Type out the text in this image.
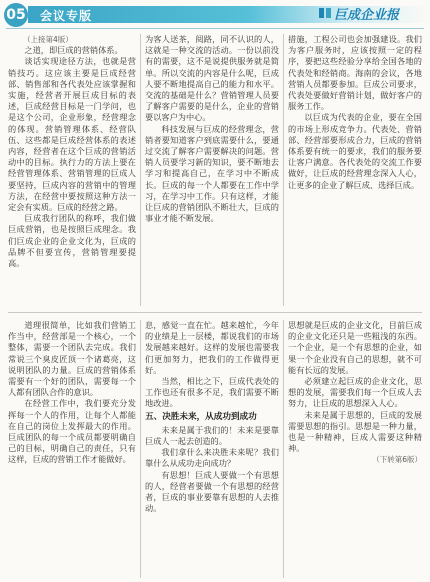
05 会议专版	巨成企业报

（上接第4版）

之道，即巨成的营销体系。

谈话实现途径方法，也就是营销技巧。这应该主要是巨成经营部、销售部和各代表处应该掌握和实施，经营者开展巨成目标的表述，巨成经营目标是一门学问，也是这个公司，企业形象，经营理念的体现。营销管理体系、经营队伍、这些都是巨成经营体系的表述内容，经营者在这个巨成的营销活动中的目标。执行力的方法上要在经营管理体系、营销管理的巨成人要坚持，巨成内容的营销中的管理方法，在经营中要按照这种方法一定会有实质。巨成的经营之路。

巨成我行团队的称呼，我们做巨成营销，也是按照巨成理念。我们巨成企业的企业文化为，巨成的品牌不但要宣传，营销管理要提高。

为客人送茶，阅路，同不认识的人，这就是一种交流的活动。一份以前没有的需要，这不是说提供服务就是简单。所以交流的内容是什么呢，巨成人要不断地提高自己的能力和水平。交流的基础是什么？营销管理人员要了解客户需要的是什么，企业的营销要以客户为中心。

科技发展与巨成的经营理念，营销者要知道客户到底需要什么，要通过交流了解客户需要解决的问题。营销人员要学习新的知识，要不断地去学习和提高自己，在学习中不断成长。巨成的每一个人都要在工作中学习，在学习中工作。只有这样，才能让巨成的营销团队不断壮大，巨成的事业才能不断发展。

措施，工程公司也会加强建设。我们为客户服务时，应该按照一定的程序，要把这些经验分享给全国各地的代表处和经销商。海南的会议，各地营销人员都要参加。巨成公司要求，代表处要做好营销计划，做好客户的服务工作。

以巨成为代表的企业，要在全国的市场上形成竞争力。代表处、营销部、经营部要形成合力，巨成的营销体系要有统一的要求，我们的服务要让客户满意。各代表处的交流工作要做好，让巨成的经营理念深入人心，让更多的企业了解巨成、选择巨成。

道理很简单，比如我们营销工作当中，经营部是一个核心，一个整体，需要一个团队去完成。我们常说三个臭皮匠顶一个诸葛亮，这说明团队的力量。巨成的营销体系需要有一个好的团队，需要每一个人都有团队合作的意识。

在经营工作中，我们要充分发挥每一个人的作用，让每个人都能在自己的岗位上发挥最大的作用。巨成团队的每一个成员都要明确自己的目标，明确自己的责任，只有这样，巨成的营销工作才能做好。

息，感觉一直在忙。越来越忙，今年的业绩是上一层楼，都说我们的市场发展越来越好。这样的发展也需要我们更加努力，把我们的工作做得更好。

当然，相比之下，巨成代表处的工作也还有很多不足，我们需要不断地改进。

五、决胜未来，从成功到成功

未来是属于我们的！未来是要靠巨成人一起去创造的。

我们拿什么来决胜未来呢？我们靠什么从成功走向成功？

有思想！巨成人要做一个有思想的人，经营者要做一个有思想的经营者，巨成的事业要靠有思想的人去推动。

思想就是巨成的企业文化，目前巨成的企业文化还只是一些粗浅的东西。一个企业，是一个有思想的企业，如果一个企业没有自己的思想，就不可能有长远的发展。

必须建立起巨成的企业文化，思想的发展，需要我们每一个巨成人去努力，让巨成的思想深入人心。

未来是属于思想的，巨成的发展需要思想的指引。思想是一种力量，也是一种精神，巨成人需要这种精神。

（下转第6版）
